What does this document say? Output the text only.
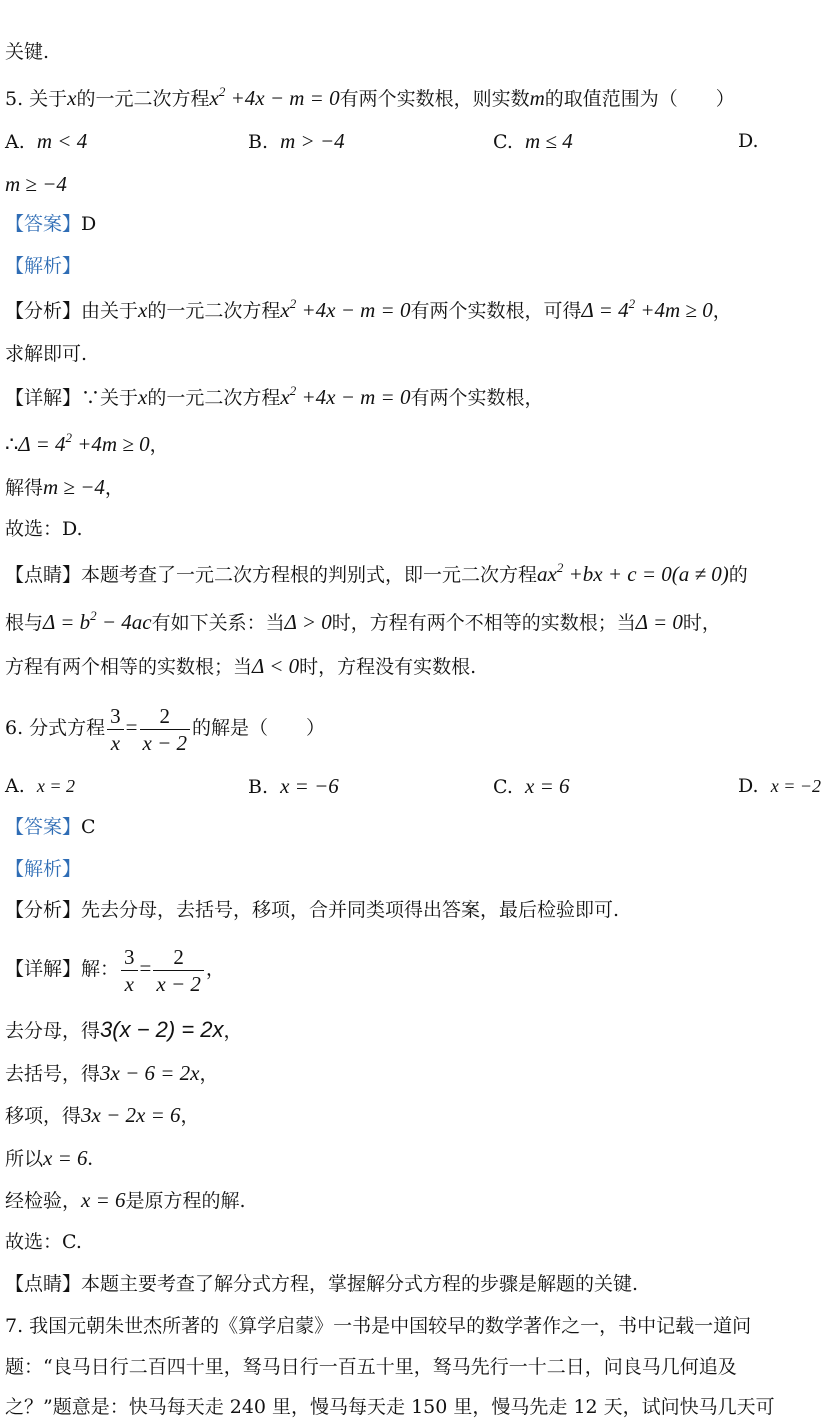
关键.
5. 关于x的一元二次方程$x^2 +4x - m = 0$有两个实数根，则实数m的取值范围为（　　）
A. m < 4	B. m > −4	C. m ≤ 4	D.
m ≥ −4
【答案】D
【解析】
【分析】由关于x的一元二次方程$x^2 +4x - m = 0$有两个实数根，可得$\Delta = 4^2 +4m \ge 0$，
求解即可.
【详解】∵关于x的一元二次方程$x^2 +4x - m = 0$有两个实数根，
∴Δ = $4^2 +4m \ge 0$，
解得m ≥ −4，
故选：D.
【点睛】本题考查了一元二次方程根的判别式，即一元二次方程$ax^2 +bx + c = 0(a \ne 0)$的
根与$\Delta = b^2 - 4ac$有如下关系：当Δ > 0时，方程有两个不相等的实数根；当Δ = 0时，
方程有两个相等的实数根；当Δ < 0时，方程没有实数根.
6. 分式方程 $\frac{3}{x} = \frac{2}{x - 2}$ 的解是（　　）
A. x = 2	B. x = −6	C. x = 6	D. x = −2
【答案】C
【解析】
【分析】先去分母，去括号，移项，合并同类项得出答案，最后检验即可.
【详解】解： $\frac{3}{x} = \frac{2}{x - 2}$ ，
去分母，得3(x − 2) = 2x，
去括号，得3x − 6 = 2x，
移项，得3x − 2x = 6，
所以x = 6.
经检验，x = 6是原方程的解.
故选：C.
【点睛】本题主要考查了解分式方程，掌握解分式方程的步骤是解题的关键.
7. 我国元朝朱世杰所著的《算学启蒙》一书是中国较早的数学著作之一，书中记载一道问
题：“良马日行二百四十里，驽马日行一百五十里，驽马先行一十二日，问良马几何追及
之？”题意是：快马每天走 240 里，慢马每天走 150 里，慢马先走 12 天，试问快马几天可
